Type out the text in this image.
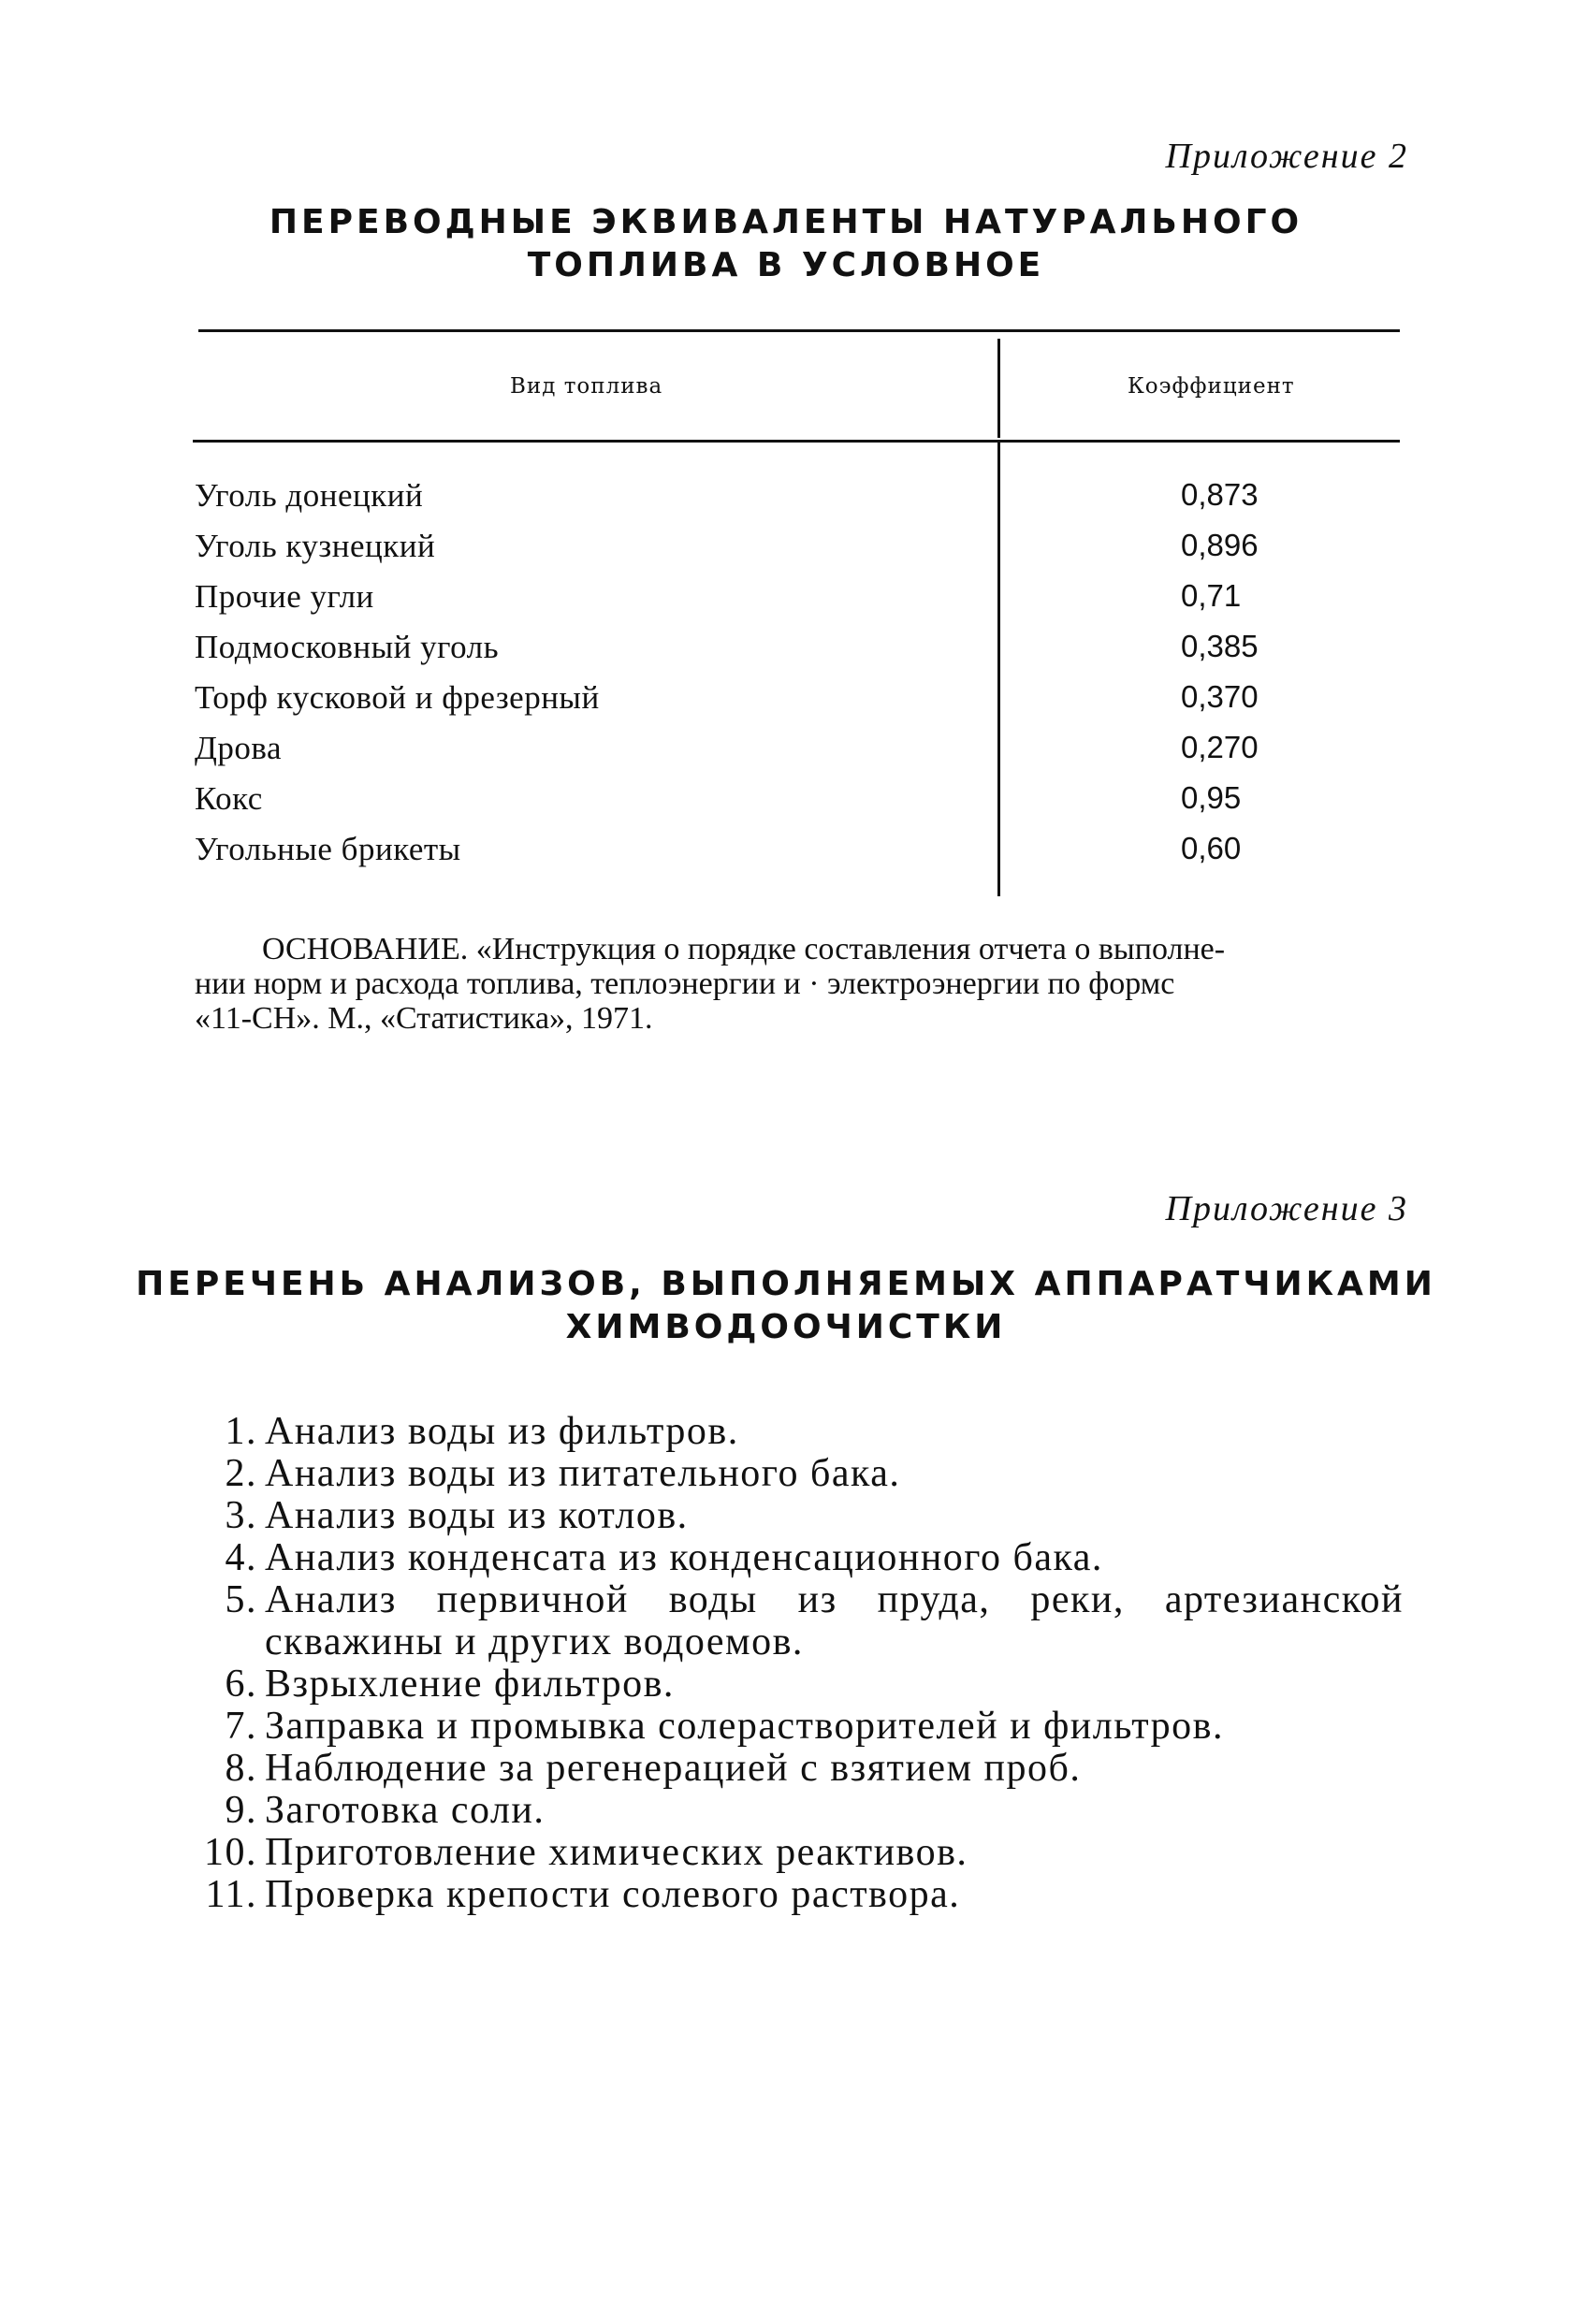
Приложение 2
ПЕРЕВОДНЫЕ ЭКВИВАЛЕНТЫ НАТУРАЛЬНОГО
ТОПЛИВА В УСЛОВНОЕ
Вид топлива	Коэффициент
Уголь донецкий	0,873
Уголь кузнецкий	0,896
Прочие угли	0,71
Подмосковный уголь	0,385
Торф кусковой и фрезерный	0,370
Дрова	0,270
Кокс	0,95
Угольные брикеты	0,60
ОСНОВАНИЕ. «Инструкция о порядке составления отчета о выполне-
нии норм и расхода топлива, теплоэнергии и · электроэнергии по формс
«11-СН». М., «Статистика», 1971.
Приложение 3
ПЕРЕЧЕНЬ АНАЛИЗОВ, ВЫПОЛНЯЕМЫХ АППАРАТЧИКАМИ
ХИМВОДООЧИСТКИ
1. Анализ воды из фильтров.
2. Анализ воды из питательного бака.
3. Анализ воды из котлов.
4. Анализ конденсата из конденсационного бака.
5. Анализ первичной воды из пруда, реки, артезианской скважины и других водоемов.
6. Взрыхление фильтров.
7. Заправка и промывка солерастворителей и фильтров.
8. Наблюдение за регенерацией с взятием проб.
9. Заготовка соли.
10. Приготовление химических реактивов.
11. Проверка крепости солевого раствора.
